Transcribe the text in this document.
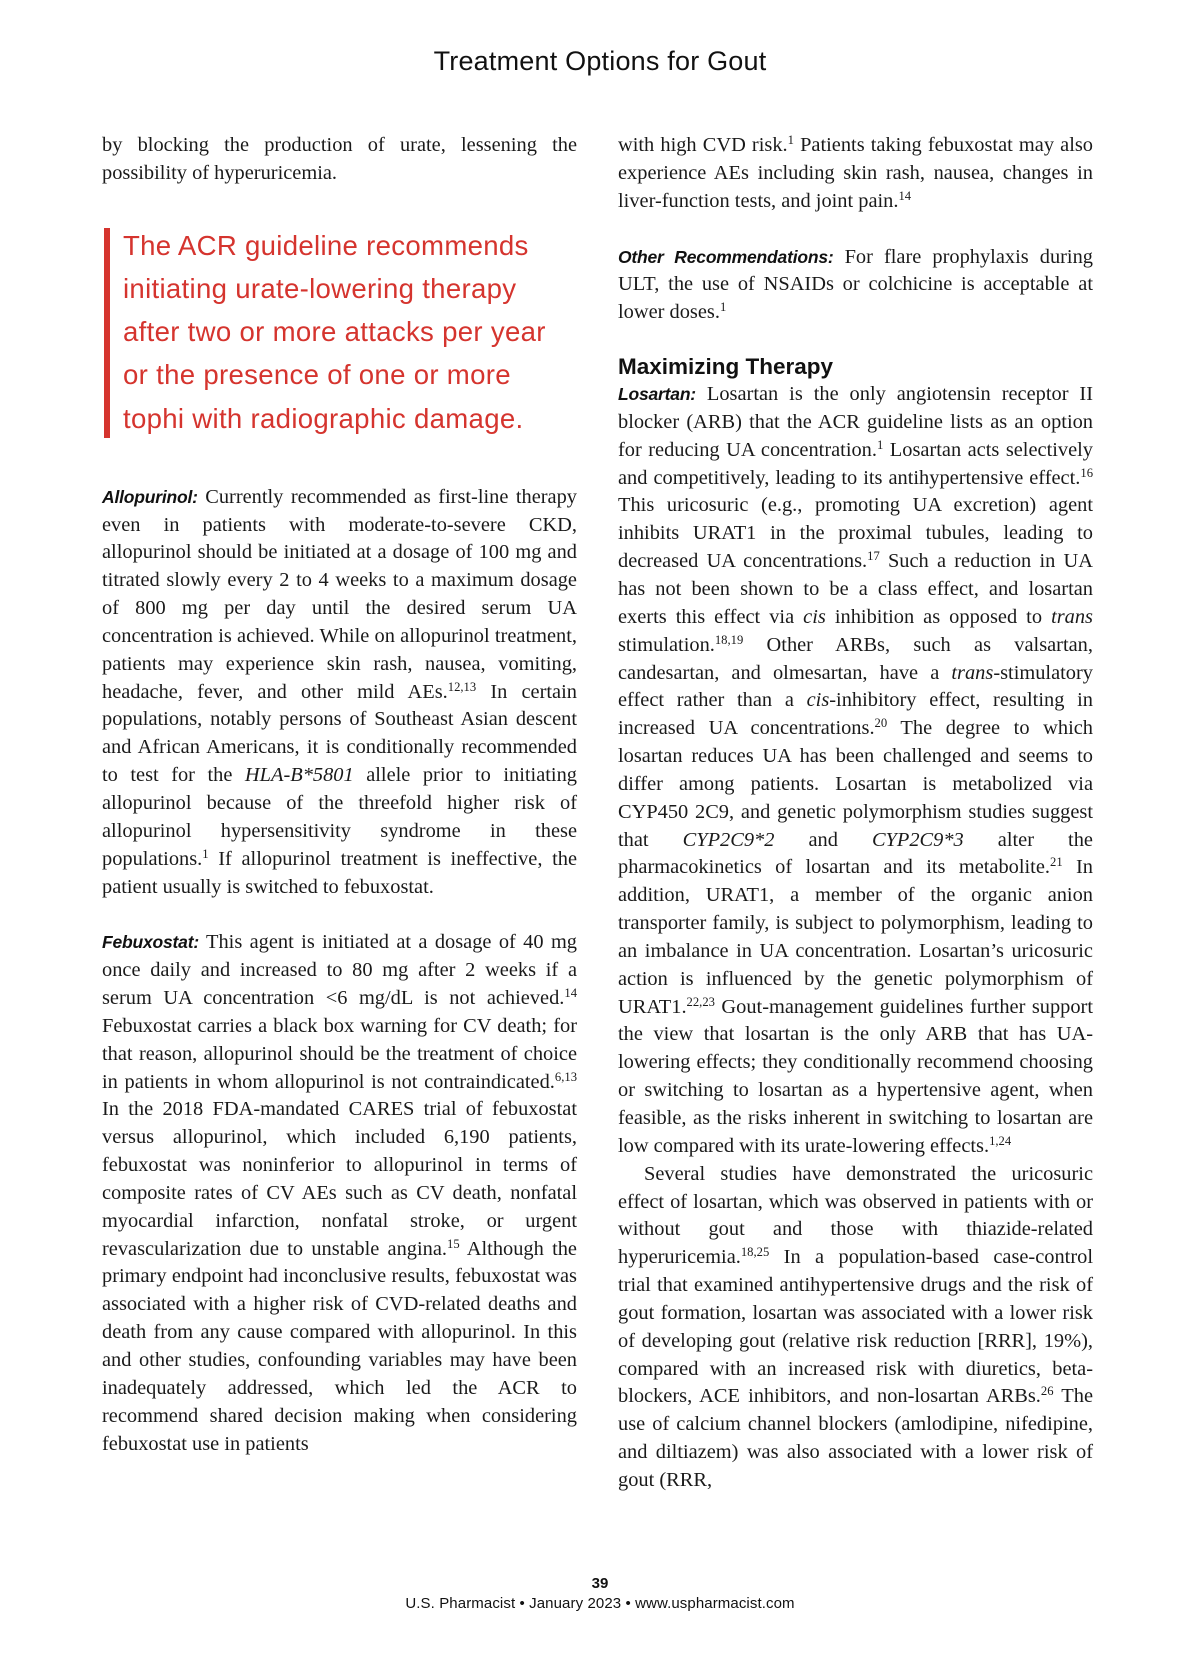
Treatment Options for Gout

by blocking the production of urate, lessening the possibility of hyperuricemia.

The ACR guideline recommends initiating urate-lowering therapy after two or more attacks per year or the presence of one or more tophi with radiographic damage.

Allopurinol: Currently recommended as first-line therapy even in patients with moderate-to-severe CKD, allopurinol should be initiated at a dosage of 100 mg and titrated slowly every 2 to 4 weeks to a maximum dosage of 800 mg per day until the desired serum UA concentration is achieved. While on allopurinol treatment, patients may experience skin rash, nausea, vomiting, headache, fever, and other mild AEs.$^{12,13}$ In certain populations, notably persons of Southeast Asian descent and African Americans, it is conditionally recommended to test for the HLA-B*5801 allele prior to initiating allopurinol because of the threefold higher risk of allopurinol hypersensitivity syndrome in these populations.$^1$ If allopurinol treatment is ineffective, the patient usually is switched to febuxostat.

Febuxostat: This agent is initiated at a dosage of 40 mg once daily and increased to 80 mg after 2 weeks if a serum UA concentration <6 mg/dL is not achieved.$^{14}$ Febuxostat carries a black box warning for CV death; for that reason, allopurinol should be the treatment of choice in patients in whom allopurinol is not contraindicated.$^{6,13}$ In the 2018 FDA-mandated CARES trial of febuxostat versus allopurinol, which included 6,190 patients, febuxostat was noninferior to allopurinol in terms of composite rates of CV AEs such as CV death, nonfatal myocardial infarction, nonfatal stroke, or urgent revascularization due to unstable angina.$^{15}$ Although the primary endpoint had inconclusive results, febuxostat was associated with a higher risk of CVD-related deaths and death from any cause compared with allopurinol. In this and other studies, confounding variables may have been inadequately addressed, which led the ACR to recommend shared decision making when considering febuxostat use in patients

with high CVD risk.$^1$ Patients taking febuxostat may also experience AEs including skin rash, nausea, changes in liver-function tests, and joint pain.$^{14}$

Other Recommendations: For flare prophylaxis during ULT, the use of NSAIDs or colchicine is acceptable at lower doses.$^1$

Maximizing Therapy

Losartan: Losartan is the only angiotensin receptor II blocker (ARB) that the ACR guideline lists as an option for reducing UA concentration.$^1$ Losartan acts selectively and competitively, leading to its antihypertensive effect.$^{16}$ This uricosuric (e.g., promoting UA excretion) agent inhibits URAT1 in the proximal tubules, leading to decreased UA concentrations.$^{17}$ Such a reduction in UA has not been shown to be a class effect, and losartan exerts this effect via cis inhibition as opposed to trans stimulation.$^{18,19}$ Other ARBs, such as valsartan, candesartan, and olmesartan, have a trans-stimulatory effect rather than a cis-inhibitory effect, resulting in increased UA concentrations.$^{20}$ The degree to which losartan reduces UA has been challenged and seems to differ among patients. Losartan is metabolized via CYP450 2C9, and genetic polymorphism studies suggest that CYP2C9*2 and CYP2C9*3 alter the pharmacokinetics of losartan and its metabolite.$^{21}$ In addition, URAT1, a member of the organic anion transporter family, is subject to polymorphism, leading to an imbalance in UA concentration. Losartan’s uricosuric action is influenced by the genetic polymorphism of URAT1.$^{22,23}$ Gout-management guidelines further support the view that losartan is the only ARB that has UA-lowering effects; they conditionally recommend choosing or switching to losartan as a hypertensive agent, when feasible, as the risks inherent in switching to losartan are low compared with its urate-lowering effects.$^{1,24}$

Several studies have demonstrated the uricosuric effect of losartan, which was observed in patients with or without gout and those with thiazide-related hyperuricemia.$^{18,25}$ In a population-based case-control trial that examined antihypertensive drugs and the risk of gout formation, losartan was associated with a lower risk of developing gout (relative risk reduction [RRR], 19%), compared with an increased risk with diuretics, beta-blockers, ACE inhibitors, and non-losartan ARBs.$^{26}$ The use of calcium channel blockers (amlodipine, nifedipine, and diltiazem) was also associated with a lower risk of gout (RRR,

39
U.S. Pharmacist • January 2023 • www.uspharmacist.com
